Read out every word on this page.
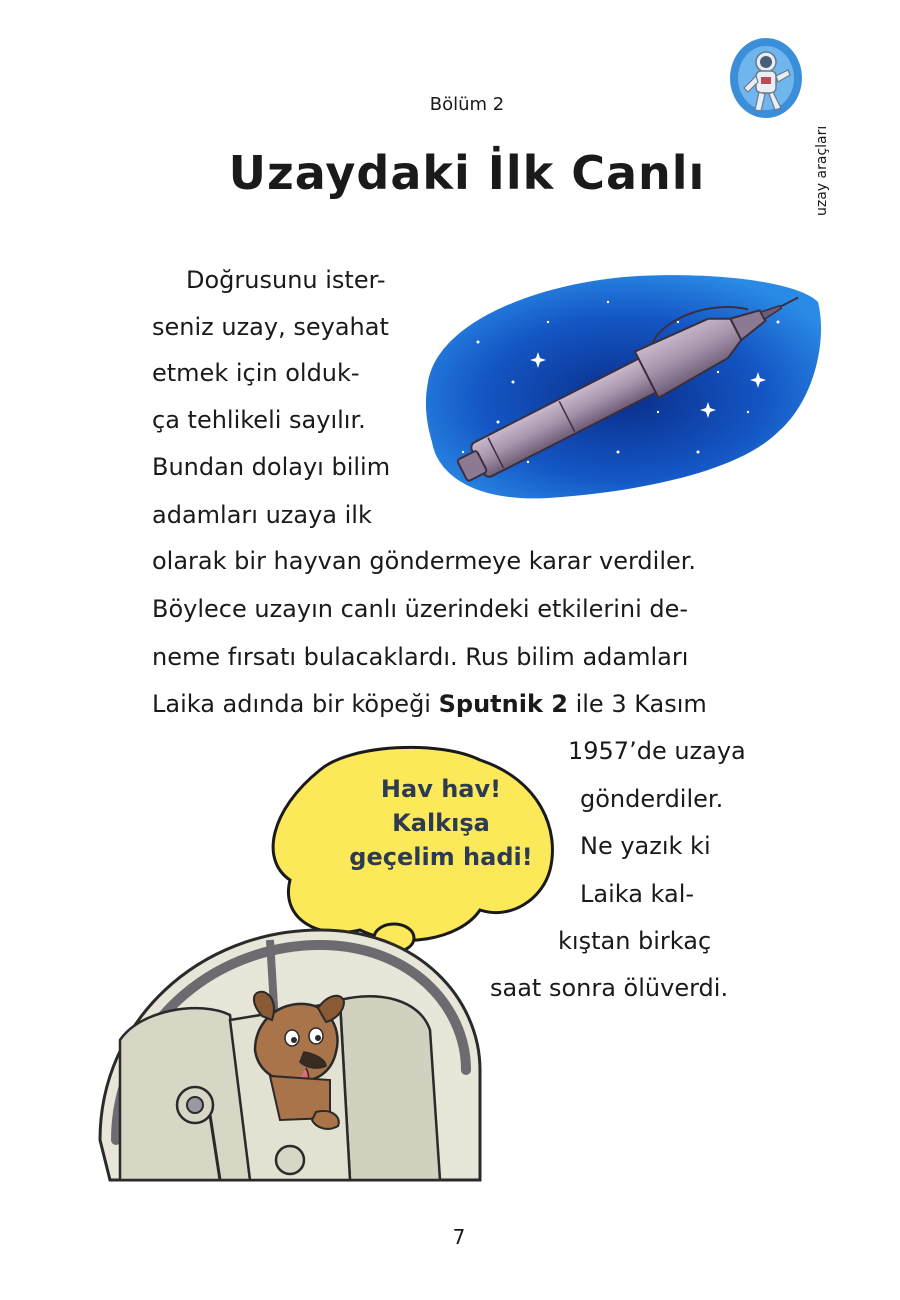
uzay araçları
Bölüm 2
Uzaydaki İlk Canlı
Doğrusunu ister-
seniz uzay, seyahat
etmek için olduk-
ça tehlikeli sayılır.
Bundan dolayı bilim
adamları uzaya ilk
olarak bir hayvan göndermeye karar verdiler.
Böylece uzayın canlı üzerindeki etkilerini de-
neme fırsatı bulacaklardı. Rus bilim adamları
Laika adında bir köpeği Sputnik 2 ile 3 Kasım
1957’de uzaya
gönderdiler.
Ne yazık ki
Laika kal-
kıştan birkaç
saat sonra ölüverdi.
Hav hav!
Kalkışa
geçelim hadi!
7
